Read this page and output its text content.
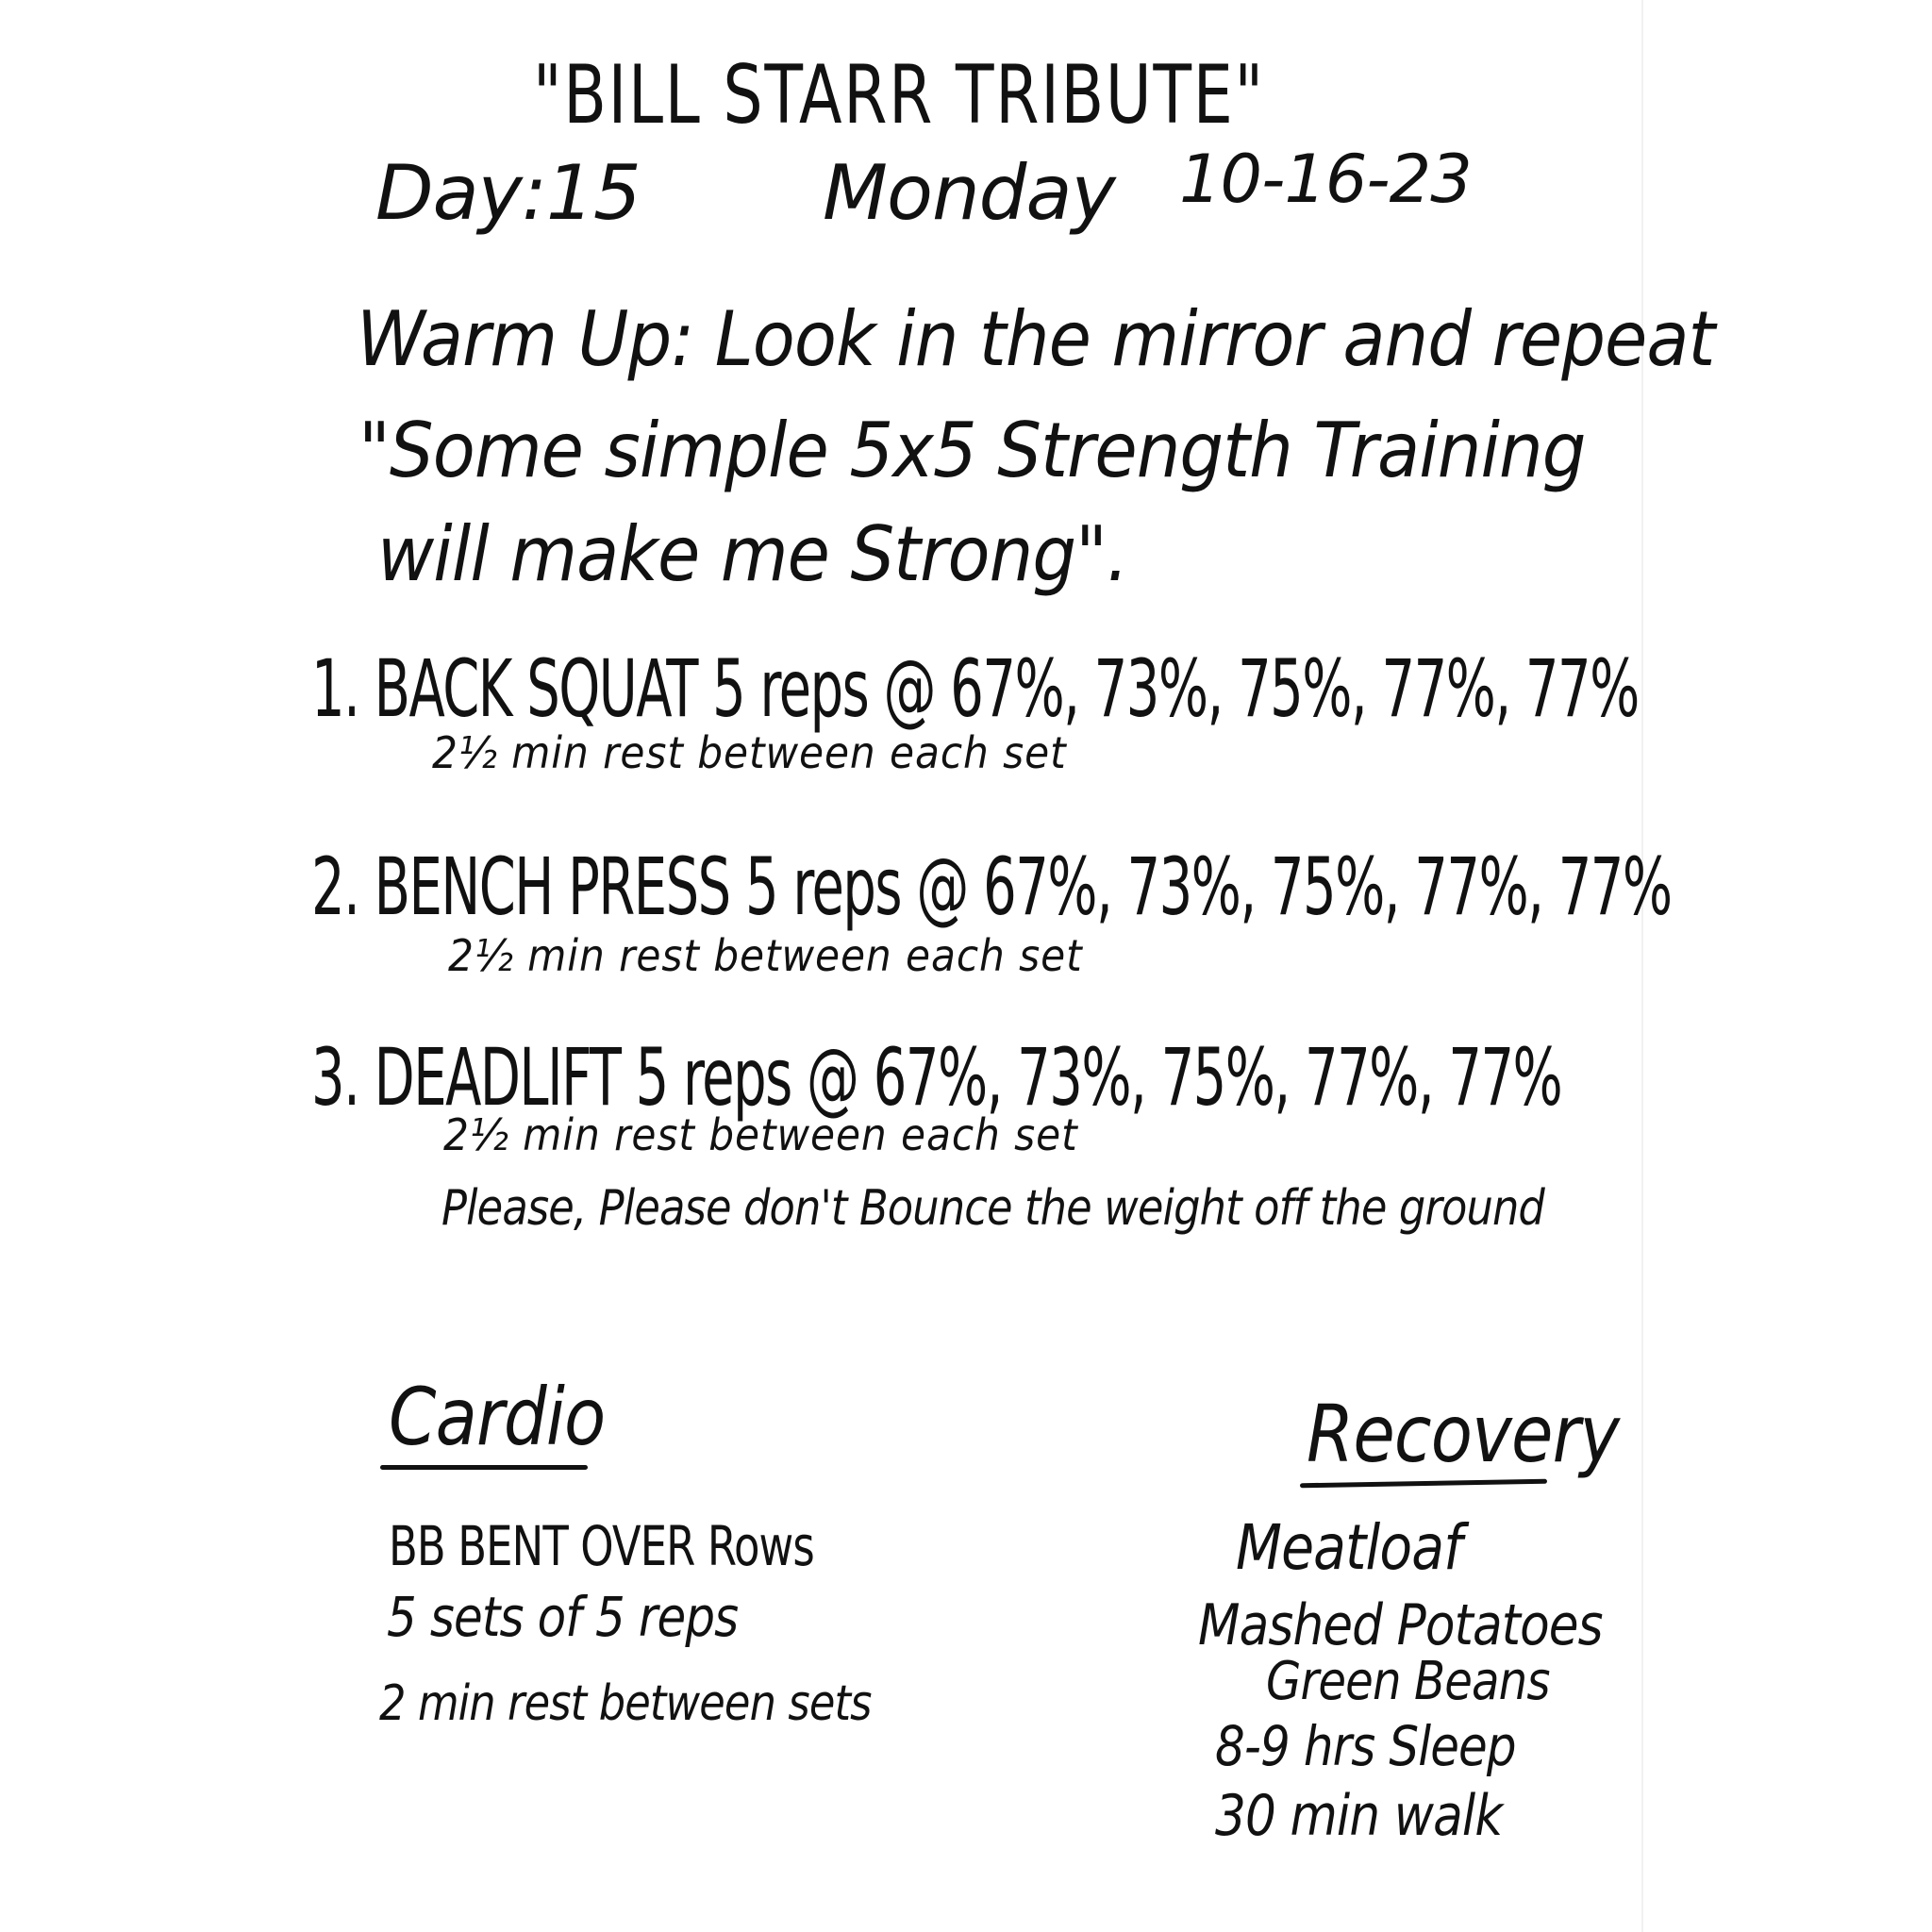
"BILL STARR TRIBUTE"
Day:15 Monday 10-16-23
Warm Up: Look in the mirror and repeat
"Some simple 5x5 Strength Training
will make me Strong".
1. BACK SQUAT 5 reps @ 67%, 73%, 75%, 77%, 77%
2½ min rest between each set
2. BENCH PRESS 5 reps @ 67%, 73%, 75%, 77%, 77%
2½ min rest between each set
3. DEADLIFT 5 reps @ 67%, 73%, 75%, 77%, 77%
2½ min rest between each set
Please, Please don't Bounce the weight off the ground
Cardio
BB BENT OVER Rows
5 sets of 5 reps
2 min rest between sets
Recovery
Meatloaf
Mashed Potatoes
Green Beans
8-9 hrs Sleep
30 min walk
